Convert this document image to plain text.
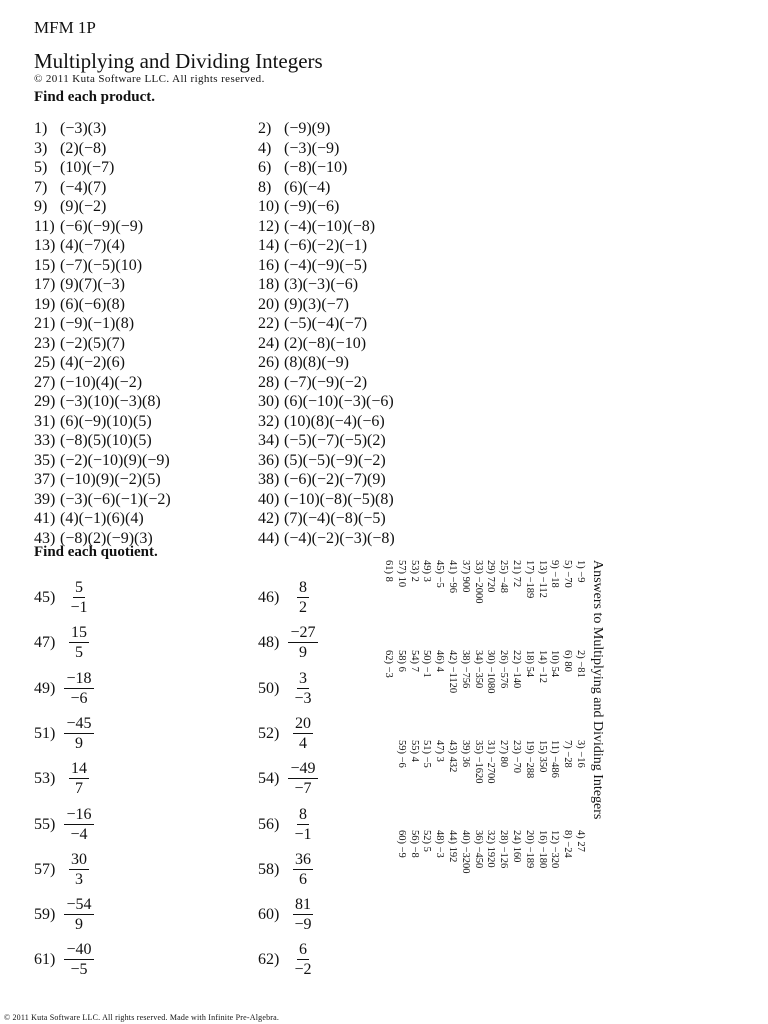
MFM 1P
Multiplying and Dividing Integers
© 2011 Kuta Software LLC. All rights reserved.
Find each product.
1) (−3)(3)	2) (−9)(9)
3) (2)(−8)	4) (−3)(−9)
5) (10)(−7)	6) (−8)(−10)
7) (−4)(7)	8) (6)(−4)
9) (9)(−2)	10) (−9)(−6)
11) (−6)(−9)(−9)	12) (−4)(−10)(−8)
13) (4)(−7)(4)	14) (−6)(−2)(−1)
15) (−7)(−5)(10)	16) (−4)(−9)(−5)
17) (9)(7)(−3)	18) (3)(−3)(−6)
19) (6)(−6)(8)	20) (9)(3)(−7)
21) (−9)(−1)(8)	22) (−5)(−4)(−7)
23) (−2)(5)(7)	24) (2)(−8)(−10)
25) (4)(−2)(6)	26) (8)(8)(−9)
27) (−10)(4)(−2)	28) (−7)(−9)(−2)
29) (−3)(10)(−3)(8)	30) (6)(−10)(−3)(−6)
31) (6)(−9)(10)(5)	32) (10)(8)(−4)(−6)
33) (−8)(5)(10)(5)	34) (−5)(−7)(−5)(2)
35) (−2)(−10)(9)(−9)	36) (5)(−5)(−9)(−2)
37) (−10)(9)(−2)(5)	38) (−6)(−2)(−7)(9)
39) (−3)(−6)(−1)(−2)	40) (−10)(−8)(−5)(8)
41) (4)(−1)(6)(4)	42) (7)(−4)(−8)(−5)
43) (−8)(2)(−9)(3)	44) (−4)(−2)(−3)(−8)
Find each quotient.
$45) \frac{5}{-1}$	$46) \frac{8}{2}$
$47) \frac{15}{5}$	$48) \frac{-27}{9}$
$49) \frac{-18}{-6}$	$50) \frac{3}{-3}$
$51) \frac{-45}{9}$	$52) \frac{20}{4}$
$53) \frac{14}{7}$	$54) \frac{-49}{-7}$
$55) \frac{-16}{-4}$	$56) \frac{8}{-1}$
$57) \frac{30}{3}$	$58) \frac{36}{6}$
$59) \frac{-54}{9}$	$60) \frac{81}{-9}$
$61) \frac{-40}{-5}$	$62) \frac{6}{-2}$
Answers to Multiplying and Dividing Integers
1) −9
2) −81
3) −16
4) 27
5) −70
6) 80
7) −28
8) −24
9) −18
10) 54
11) −486
12) −320
13) −112
14) −12
15) 350
16) −180
17) −189
18) 54
19) −288
20) −189
21) 72
22) −140
23) −70
24) 160
25) −48
26) −576
27) 80
28) −126
29) 720
30) −1080
31) −2700
32) 1920
33) −2000
34) −350
35) −1620
36) −450
37) 900
38) −756
39) 36
40) −3200
41) −96
42) −1120
43) 432
44) 192
45) −5
46) 4
47) 3
48) −3
49) 3
50) −1
51) −5
52) 5
53) 2
54) 7
55) 4
56) −8
57) 10
58) 6
59) −6
60) −9
61) 8
62) −3
© 2011 Kuta Software LLC. All rights reserved. Made with Infinite Pre-Algebra.
